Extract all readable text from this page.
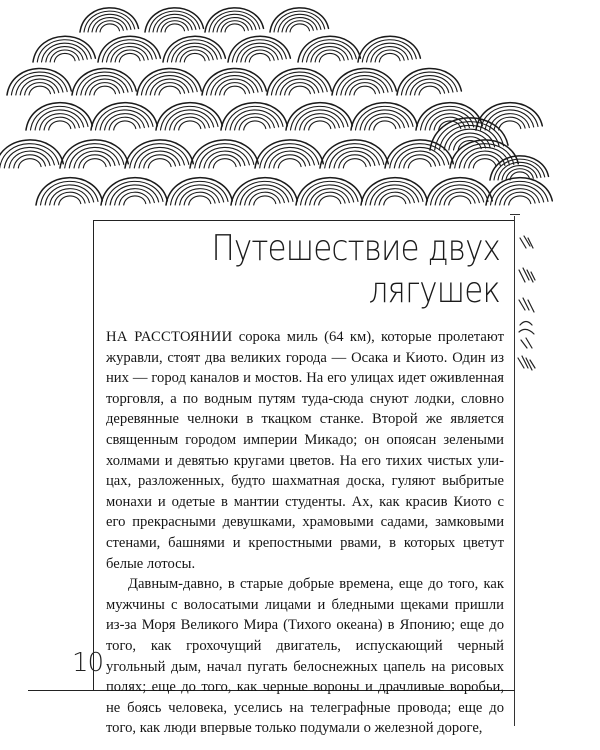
Путешествие двух
лягушек

НА РАССТОЯНИИ сорока миль (64 км), которые пролетают журавли, стоят два великих города — Осака и Киото. Один из них — город каналов и мостов. На его улицах идет оживленная торговля, а по водным путям туда-сюда снуют лодки, словно деревянные челноки в ткацком станке. Второй же является священным городом империи Микадо; он опоясан зелеными холмами и девятью кругами цветов. На его тихих чистых улицах, разложенных, будто шахматная доска, гуляют выбритые монахи и одетые в мантии студенты. Ах, как красив Киото с его прекрасными девушками, храмовыми садами, замковыми стенами, башнями и крепостными рвами, в которых цветут белые лотосы.

Давным-давно, в старые добрые времена, еще до того, как мужчины с волосатыми лицами и бледными щеками пришли из-за Моря Великого Мира (Тихого океана) в Японию; еще до того, как грохочущий двигатель, испускающий черный угольный дым, начал пугать белоснежных цапель на рисовых полях; еще до того, как черные вороны и драчливые воробьи, не боясь человека, уселись на телеграфные провода; еще до того, как люди впервые только подумали о железной дороге,

10
